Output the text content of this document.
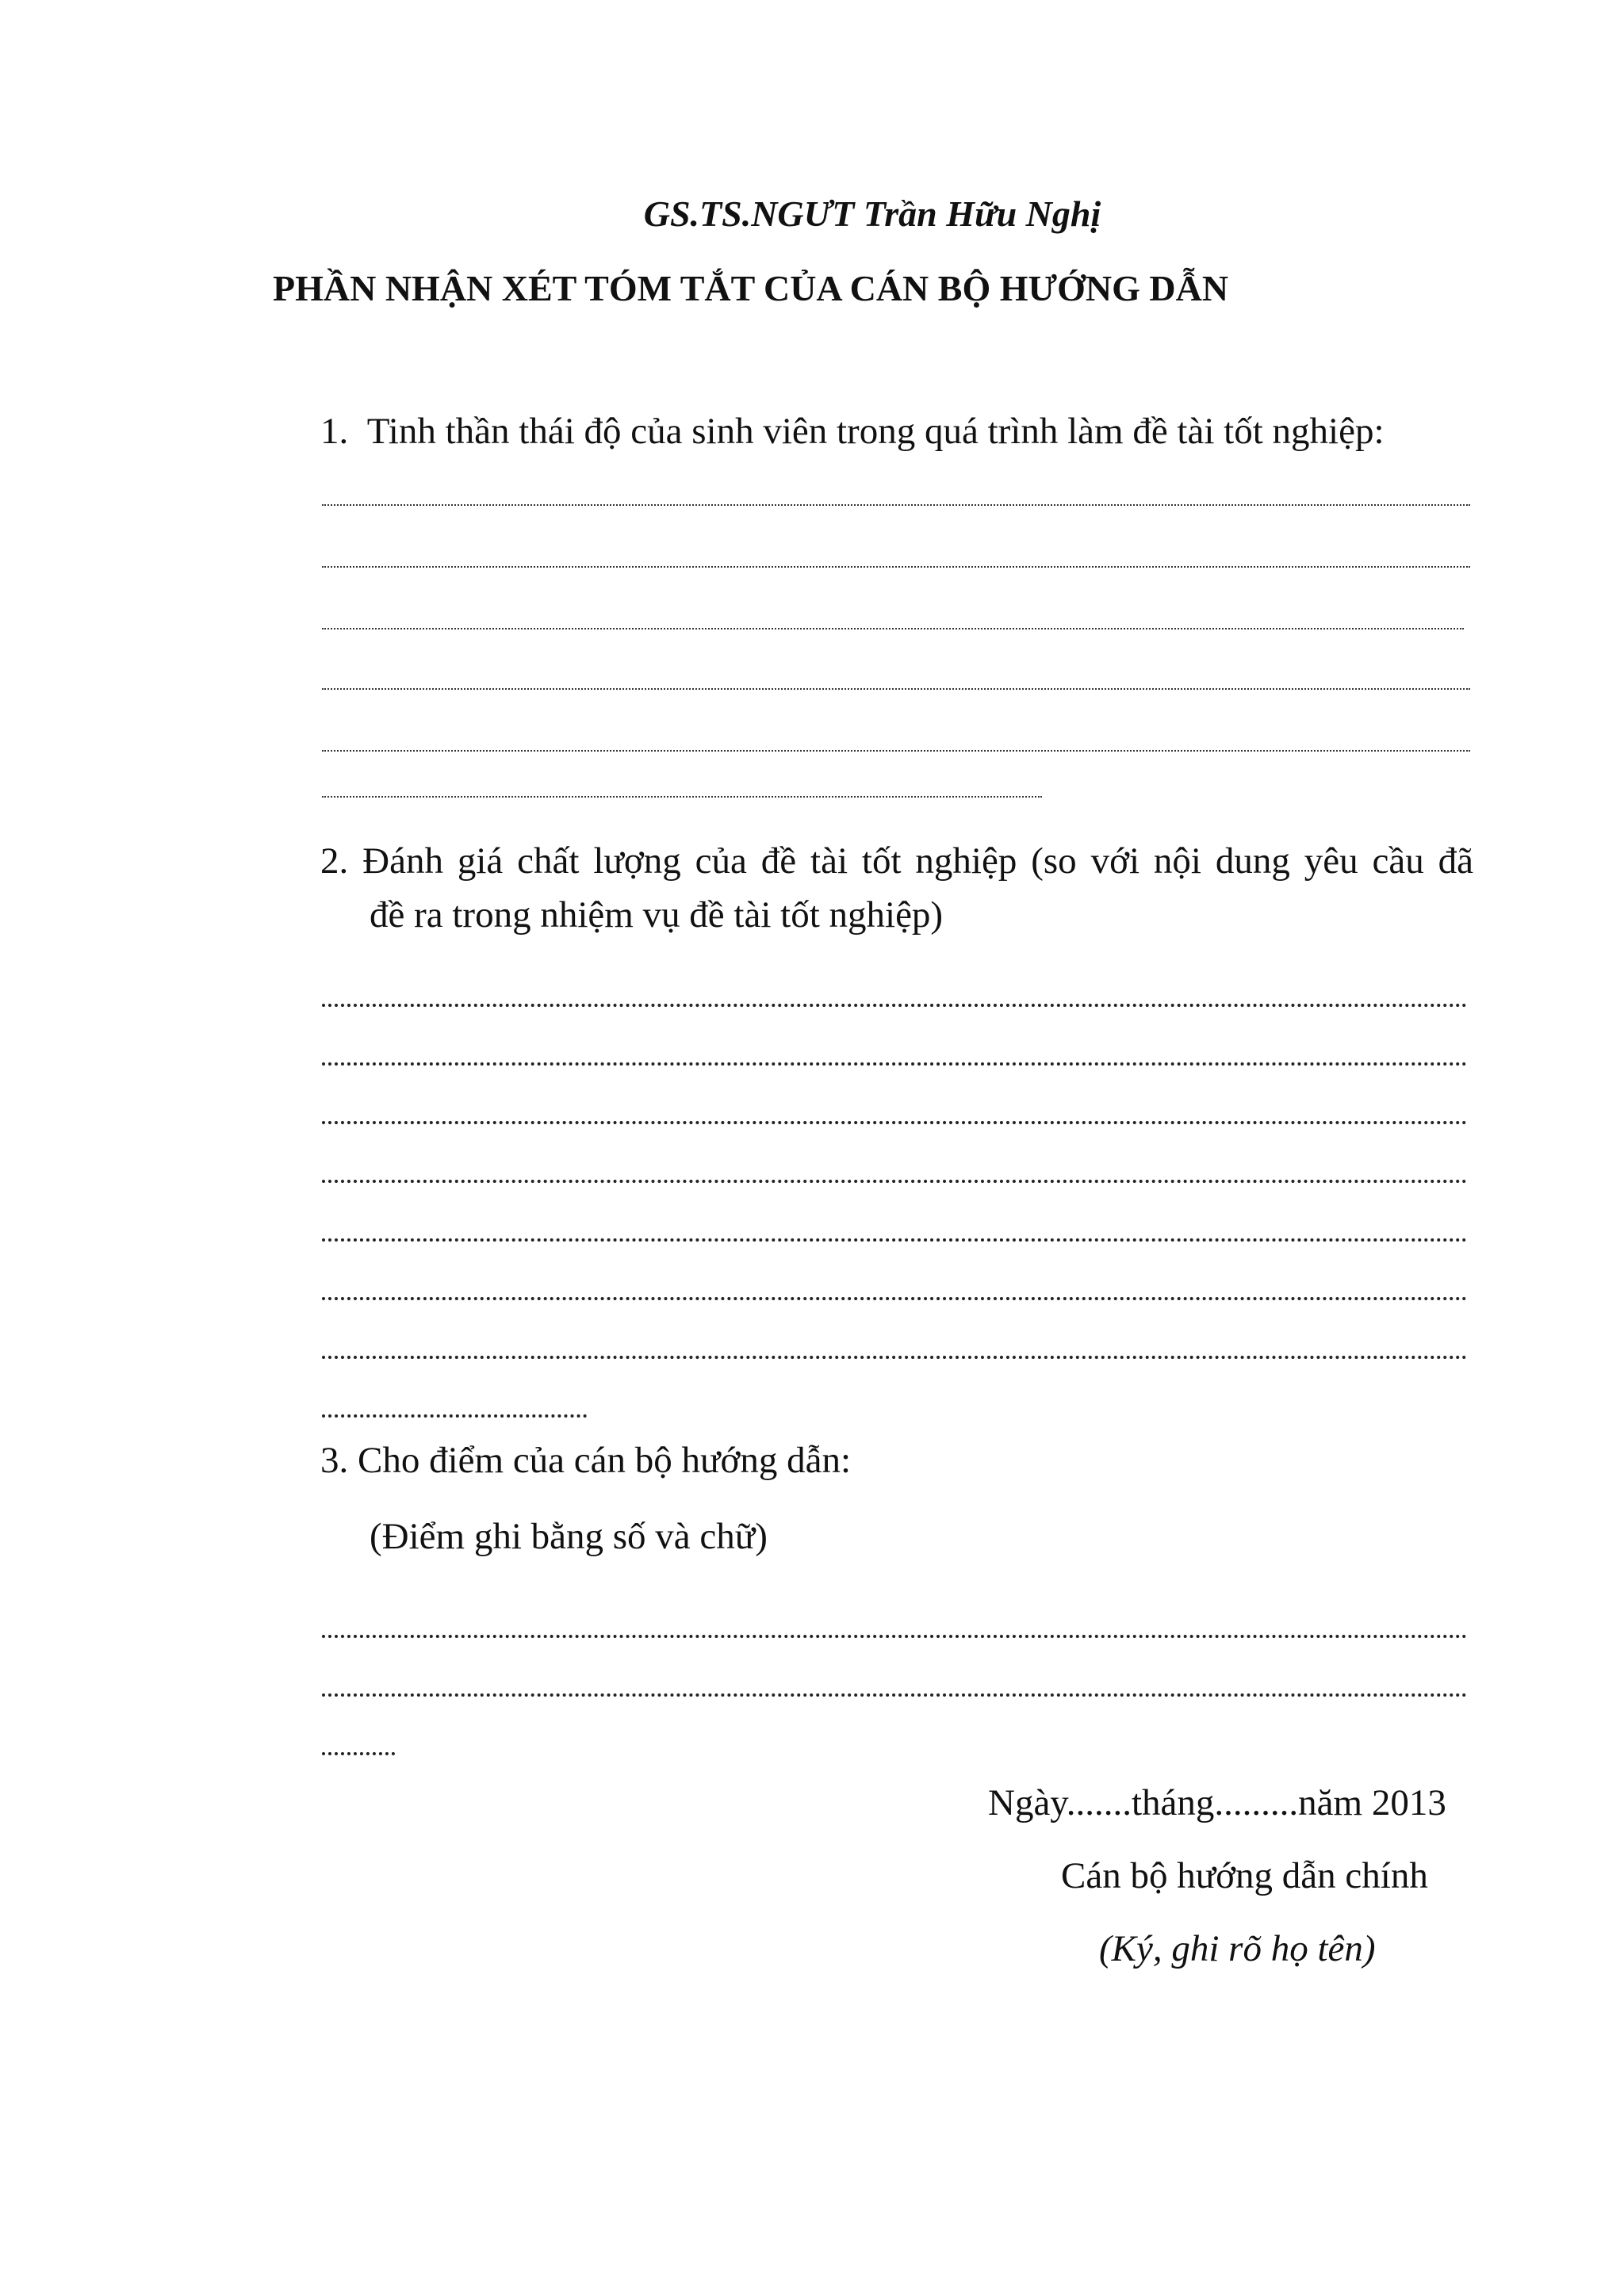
GS.TS.NGƯT Trần Hữu Nghị
PHẦN NHẬN XÉT TÓM TẮT CỦA CÁN BỘ HƯỚNG DẪN
1. Tinh thần thái độ của sinh viên trong quá trình làm đề tài tốt nghiệp:
2. Đánh giá chất lượng của đề tài tốt nghiệp (so với nội dung yêu cầu đã
đề ra trong nhiệm vụ đề tài tốt nghiệp)
3. Cho điểm của cán bộ hướng dẫn:
(Điểm ghi bằng số và chữ)
Ngày.......tháng.........năm 2013
Cán bộ hướng dẫn chính
(Ký, ghi rõ họ tên)
